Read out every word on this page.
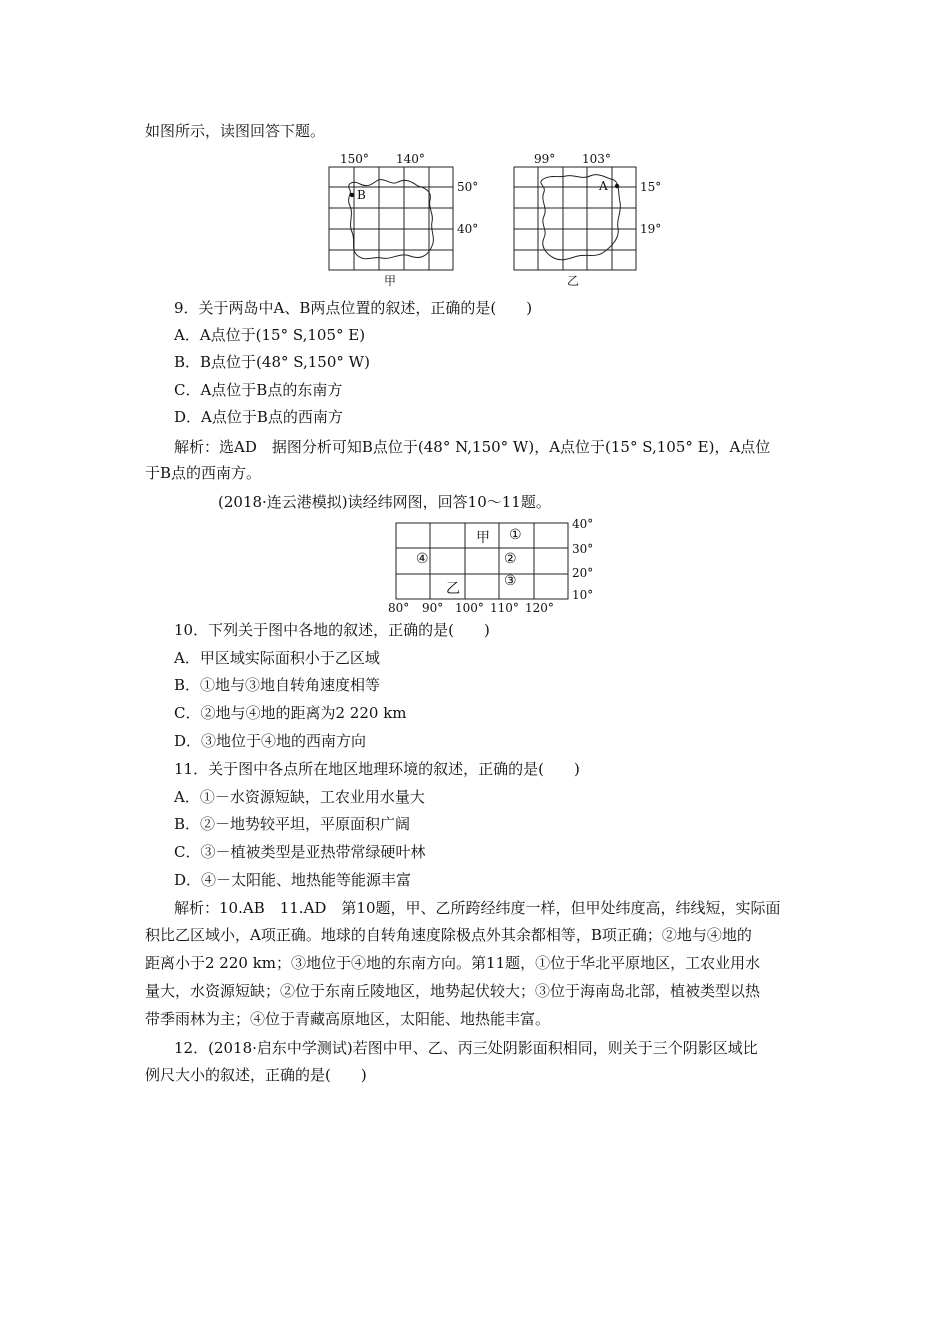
如图所示，读图回答下题。
150° 140°
50°
40°
B
甲
99° 103°
15°
19°
A
乙
9．关于两岛中A、B两点位置的叙述，正确的是(　　)
A．A点位于(15° S,105° E)
B．B点位于(48° S,150° W)
C．A点位于B点的东南方
D．A点位于B点的西南方
解析：选AD　据图分析可知B点位于(48° N,150° W)，A点位于(15° S,105° E)，A点位
于B点的西南方。
(2018·连云港模拟)读经纬网图，回答10～11题。
甲 ①
④	②
③
乙
40°
30°
20°
10°
80° 90° 100° 110° 120°
10．下列关于图中各地的叙述，正确的是(　　)
A．甲区域实际面积小于乙区域
B．①地与③地自转角速度相等
C．②地与④地的距离为2 220 km
D．③地位于④地的西南方向
11．关于图中各点所在地区地理环境的叙述，正确的是(　　)
A．①－水资源短缺，工农业用水量大
B．②－地势较平坦，平原面积广阔
C．③－植被类型是亚热带常绿硬叶林
D．④－太阳能、地热能等能源丰富
解析：10.AB　11.AD　第10题，甲、乙所跨经纬度一样，但甲处纬度高，纬线短，实际面
积比乙区域小，A项正确。地球的自转角速度除极点外其余都相等，B项正确；②地与④地的
距离小于2 220 km；③地位于④地的东南方向。第11题，①位于华北平原地区，工农业用水
量大，水资源短缺；②位于东南丘陵地区，地势起伏较大；③位于海南岛北部，植被类型以热
带季雨林为主；④位于青藏高原地区，太阳能、地热能丰富。
12．(2018·启东中学测试)若图中甲、乙、丙三处阴影面积相同，则关于三个阴影区域比
例尺大小的叙述，正确的是(　　)
